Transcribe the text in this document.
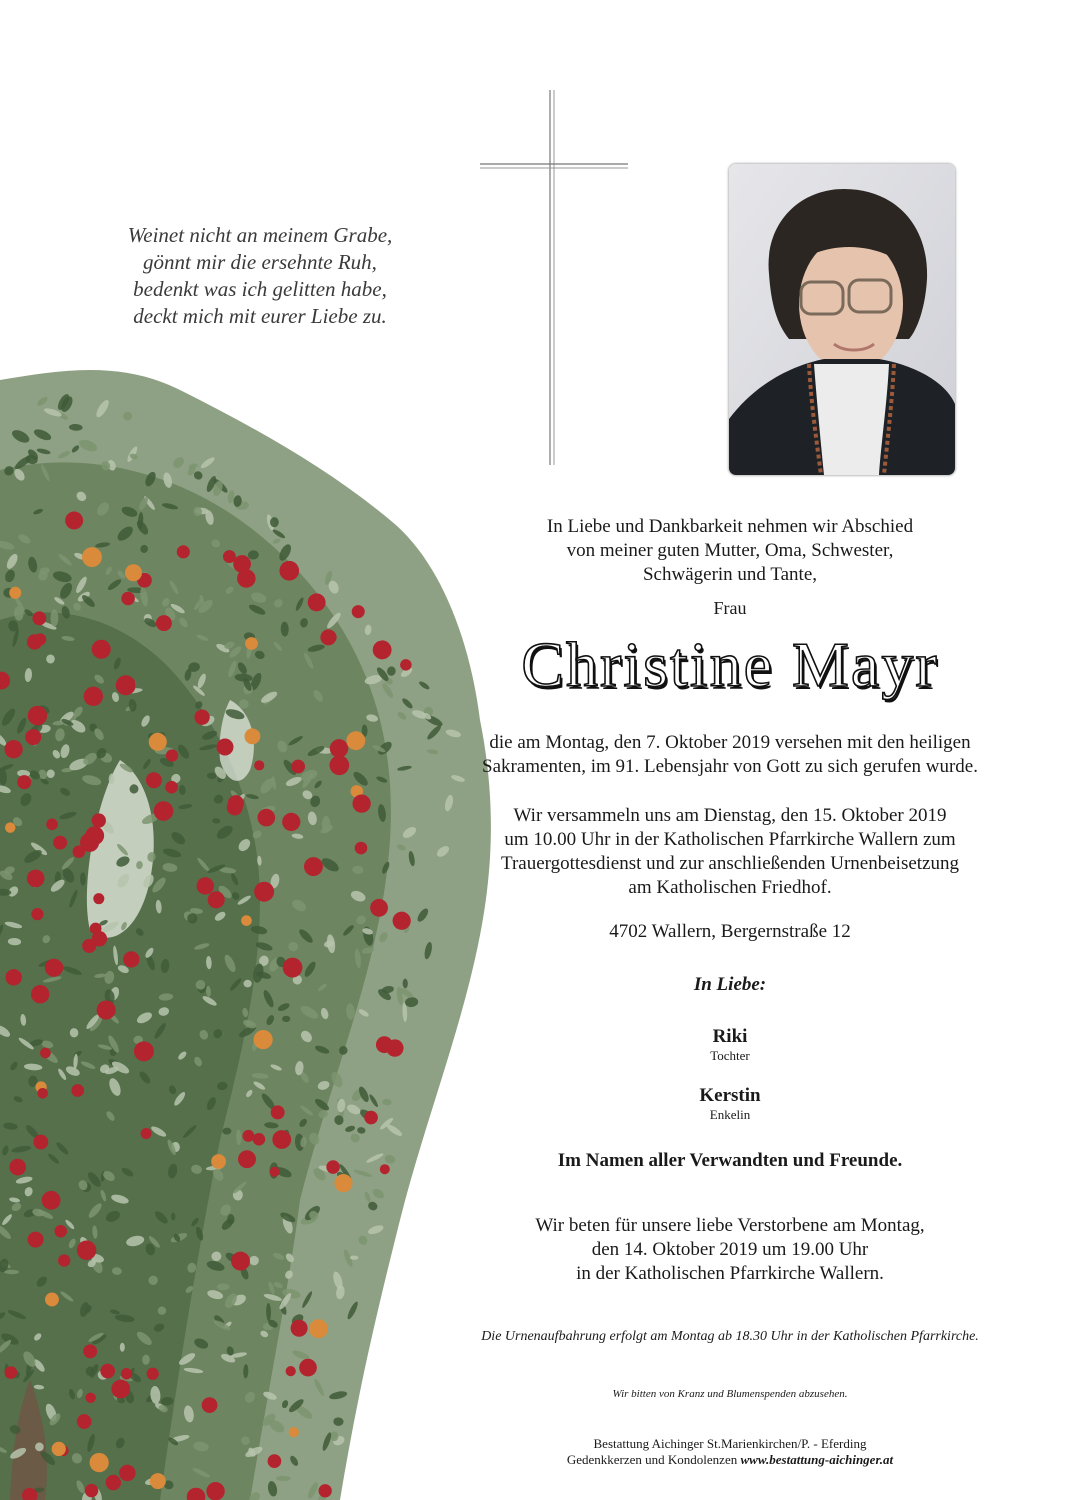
Weinet nicht an meinem Grabe,
gönnt mir die ersehnte Ruh,
bedenkt was ich gelitten habe,
deckt mich mit eurer Liebe zu.
In Liebe und Dankbarkeit nehmen wir Abschied
von meiner guten Mutter, Oma, Schwester,
Schwägerin und Tante,
Frau
Christine Mayr
die am Montag, den 7. Oktober 2019 versehen mit den heiligen
Sakramenten, im 91. Lebensjahr von Gott zu sich gerufen wurde.
Wir versammeln uns am Dienstag, den 15. Oktober 2019
um 10.00 Uhr in der Katholischen Pfarrkirche Wallern zum
Trauergottesdienst und zur anschließenden Urnenbeisetzung
am Katholischen Friedhof.
4702 Wallern, Bergernstraße 12
In Liebe:
Riki
Tochter
Kerstin
Enkelin
Im Namen aller Verwandten und Freunde.
Wir beten für unsere liebe Verstorbene am Montag,
den 14. Oktober 2019 um 19.00 Uhr
in der Katholischen Pfarrkirche Wallern.
Die Urnenaufbahrung erfolgt am Montag ab 18.30 Uhr in der Katholischen Pfarrkirche.
Wir bitten von Kranz und Blumenspenden abzusehen.
Bestattung Aichinger St.Marienkirchen/P. - Eferding
Gedenkkerzen und Kondolenzen www.bestattung-aichinger.at
